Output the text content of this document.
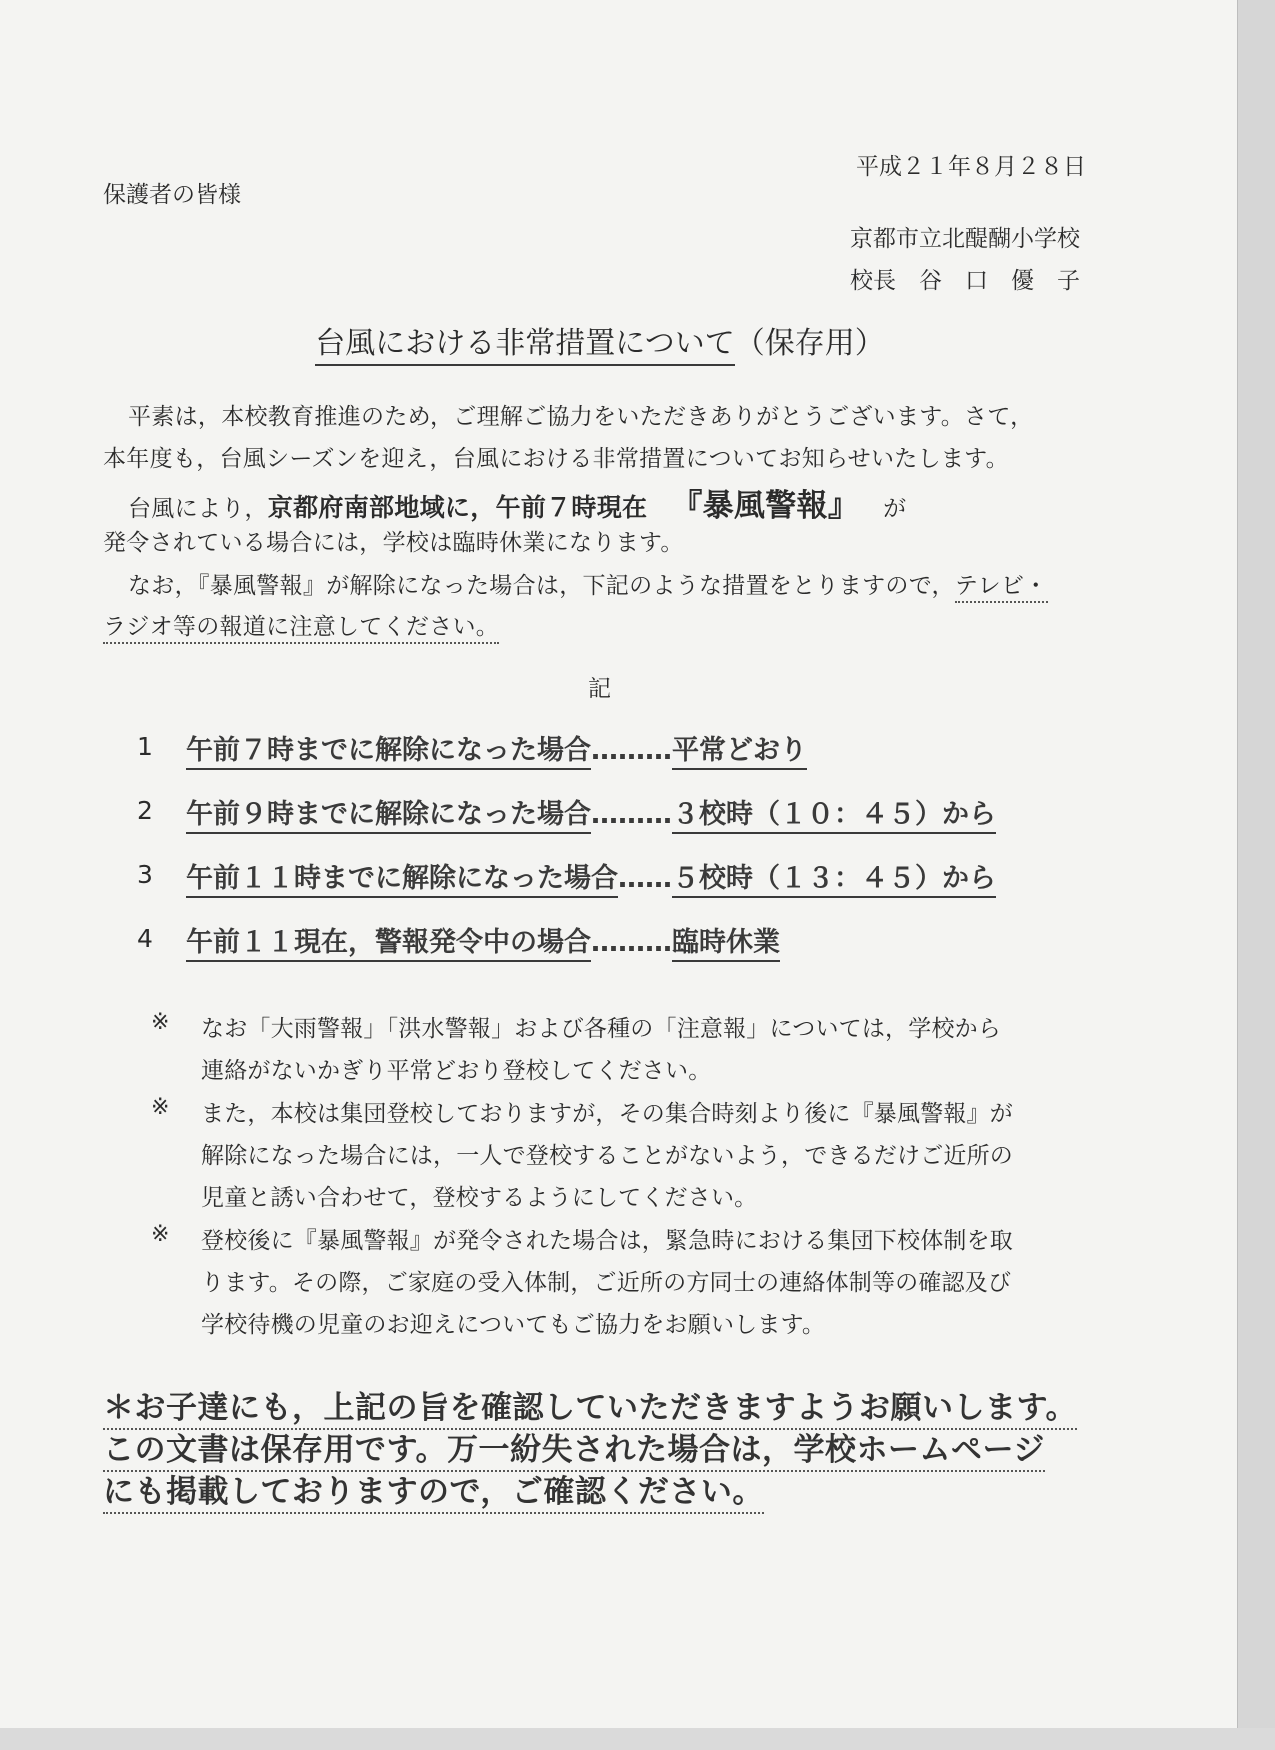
平成２１年８月２８日
保護者の皆様
京都市立北醍醐小学校
校長　谷　口　優　子
台風における非常措置について（保存用）
平素は，本校教育推進のため，ご理解ご協力をいただきありがとうございます。さて，
本年度も，台風シーズンを迎え，台風における非常措置についてお知らせいたします。
台風により，京都府南部地域に，午前７時現在 『暴風警報』 が
発令されている場合には，学校は臨時休業になります。
なお，『暴風警報』が解除になった場合は，下記のような措置をとりますので，テレビ・
ラジオ等の報道に注意してください。
記
1 午前７時までに解除になった場合………平常どおり
2 午前９時までに解除になった場合………３校時（１０：４５）から
3 午前１１時までに解除になった場合……５校時（１３：４５）から
4 午前１１現在，警報発令中の場合………臨時休業
※ なお「大雨警報」「洪水警報」および各種の「注意報」については，学校から
連絡がないかぎり平常どおり登校してください。
※ また，本校は集団登校しておりますが，その集合時刻より後に『暴風警報』が
解除になった場合には，一人で登校することがないよう，できるだけご近所の
児童と誘い合わせて，登校するようにしてください。
※ 登校後に『暴風警報』が発令された場合は，緊急時における集団下校体制を取
ります。その際，ご家庭の受入体制，ご近所の方同士の連絡体制等の確認及び
学校待機の児童のお迎えについてもご協力をお願いします。
＊お子達にも，上記の旨を確認していただきますようお願いします。
この文書は保存用です。万一紛失された場合は，学校ホームページ
にも掲載しておりますので，ご確認ください。
